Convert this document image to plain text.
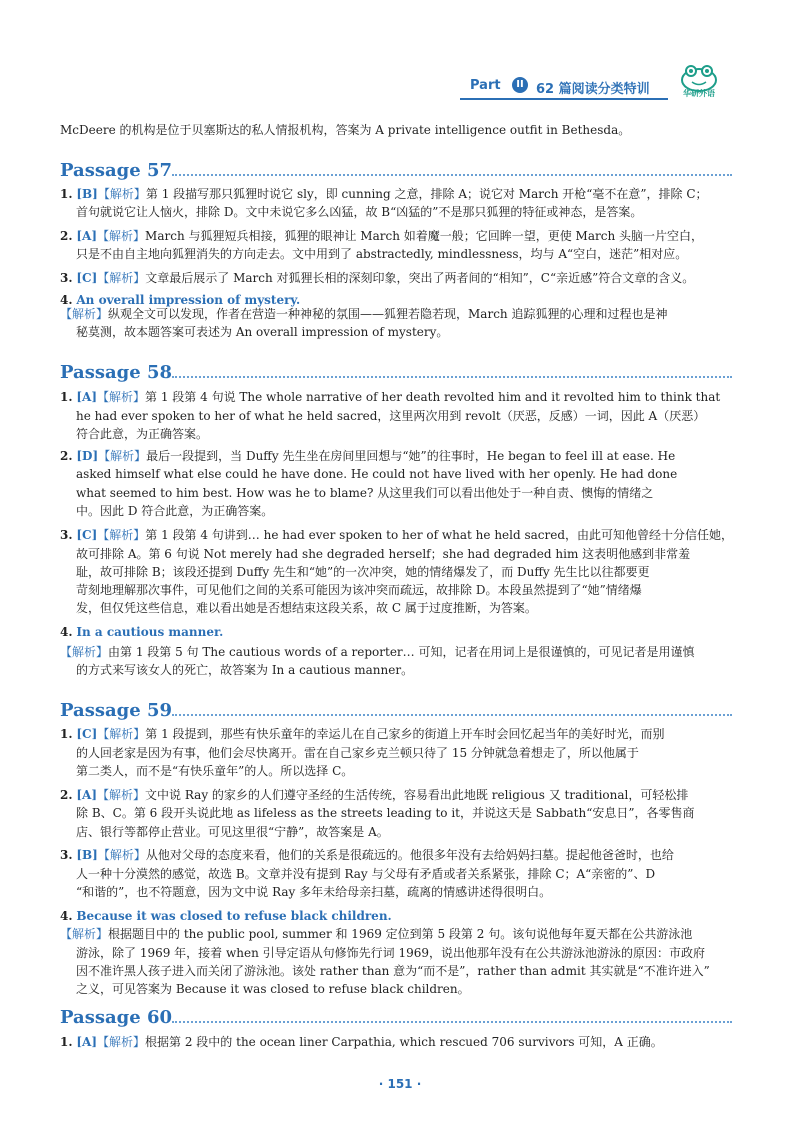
Part	II 62 篇阅读分类特训	华研外语
McDeere 的机构是位于贝塞斯达的私人情报机构，答案为 A private intelligence outfit in Bethesda。
Passage 57
1. [B]【解析】第 1 段描写那只狐狸时说它 sly，即 cunning 之意，排除 A；说它对 March 开枪“毫不在意”，排除 C；
首句就说它让人恼火，排除 D。文中未说它多么凶猛，故 B“凶猛的”不是那只狐狸的特征或神态，是答案。
2. [A]【解析】March 与狐狸短兵相接，狐狸的眼神让 March 如着魔一般；它回眸一望，更使 March 头脑一片空白，
只是不由自主地向狐狸消失的方向走去。文中用到了 abstractedly, mindlessness，均与 A“空白，迷茫”相对应。
3. [C]【解析】文章最后展示了 March 对狐狸长相的深刻印象，突出了两者间的“相知”，C“亲近感”符合文章的含义。
4. An overall impression of mystery.
【解析】纵观全文可以发现，作者在营造一种神秘的氛围——狐狸若隐若现，March 追踪狐狸的心理和过程也是神
秘莫测，故本题答案可表述为 An overall impression of mystery。
Passage 58
1. [A]【解析】第 1 段第 4 句说 The whole narrative of her death revolted him and it revolted him to think that
he had ever spoken to her of what he held sacred，这里两次用到 revolt（厌恶，反感）一词，因此 A（厌恶）
符合此意，为正确答案。
2. [D]【解析】最后一段提到，当 Duffy 先生坐在房间里回想与“她”的往事时，He began to feel ill at ease. He
asked himself what else could he have done. He could not have lived with her openly. He had done
what seemed to him best. How was he to blame? 从这里我们可以看出他处于一种自责、懊悔的情绪之
中。因此 D 符合此意，为正确答案。
3. [C]【解析】第 1 段第 4 句讲到… he had ever spoken to her of what he held sacred，由此可知他曾经十分信任她，
故可排除 A。第 6 句说 Not merely had she degraded herself；she had degraded him 这表明他感到非常羞
耻，故可排除 B；该段还提到 Duffy 先生和“她”的一次冲突，她的情绪爆发了，而 Duffy 先生比以往都要更
苛刻地理解那次事件，可见他们之间的关系可能因为该冲突而疏远，故排除 D。本段虽然提到了“她”情绪爆
发，但仅凭这些信息，难以看出她是否想结束这段关系，故 C 属于过度推断，为答案。
4. In a cautious manner.
【解析】由第 1 段第 5 句 The cautious words of a reporter… 可知，记者在用词上是很谨慎的，可见记者是用谨慎
的方式来写该女人的死亡，故答案为 In a cautious manner。
Passage 59
1. [C]【解析】第 1 段提到，那些有快乐童年的幸运儿在自己家乡的街道上开车时会回忆起当年的美好时光，而别
的人回老家是因为有事，他们会尽快离开。雷在自己家乡克兰顿只待了 15 分钟就急着想走了，所以他属于
第二类人，而不是“有快乐童年”的人。所以选择 C。
2. [A]【解析】文中说 Ray 的家乡的人们遵守圣经的生活传统，容易看出此地既 religious 又 traditional，可轻松排
除 B、C。第 6 段开头说此地 as lifeless as the streets leading to it，并说这天是 Sabbath“安息日”，各零售商
店、银行等都停止营业。可见这里很“宁静”，故答案是 A。
3. [B]【解析】从他对父母的态度来看，他们的关系是很疏远的。他很多年没有去给妈妈扫墓。提起他爸爸时，也给
人一种十分漠然的感觉，故选 B。文章并没有提到 Ray 与父母有矛盾或者关系紧张，排除 C；A“亲密的”、D
“和谐的”，也不符题意，因为文中说 Ray 多年未给母亲扫墓，疏离的情感讲述得很明白。
4. Because it was closed to refuse black children.
【解析】根据题目中的 the public pool, summer 和 1969 定位到第 5 段第 2 句。该句说他每年夏天都在公共游泳池
游泳，除了 1969 年，接着 when 引导定语从句修饰先行词 1969，说出他那年没有在公共游泳池游泳的原因：市政府
因不准许黑人孩子进入而关闭了游泳池。该处 rather than 意为“而不是”，rather than admit 其实就是“不准许进入”
之义，可见答案为 Because it was closed to refuse black children。
Passage 60
1. [A]【解析】根据第 2 段中的 the ocean liner Carpathia, which rescued 706 survivors 可知，A 正确。
· 151 ·
